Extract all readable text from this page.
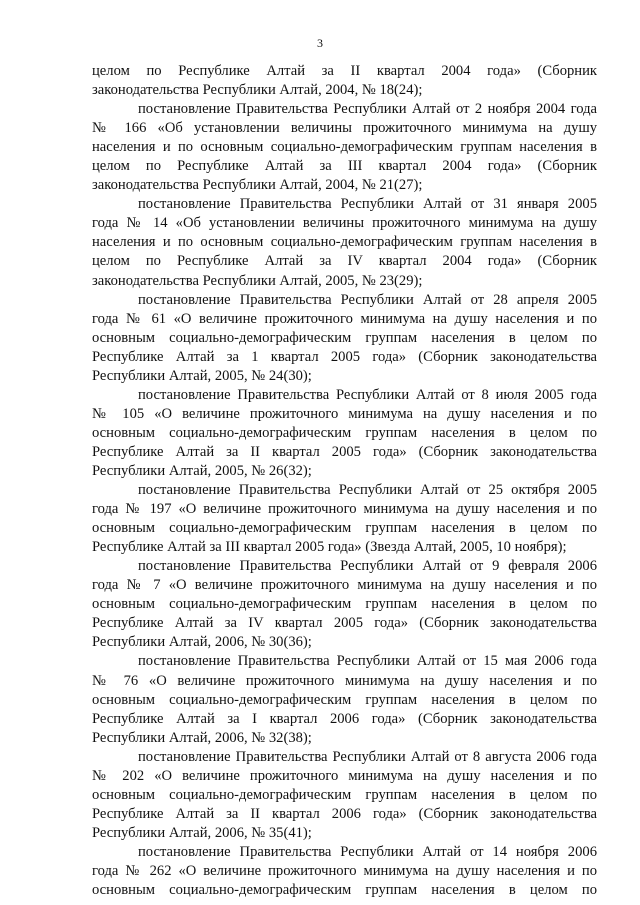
3
целом по Республике Алтай за II квартал 2004 года» (Сборник
законодательства Республики Алтай, 2004, № 18(24);
постановление Правительства Республики Алтай от 2 ноября 2004 года
№ 166 «Об установлении величины прожиточного минимума на душу
населения и по основным социально-демографическим группам населения в
целом по Республике Алтай за III квартал 2004 года» (Сборник
законодательства Республики Алтай, 2004, № 21(27);
постановление Правительства Республики Алтай от 31 января 2005
года № 14 «Об установлении величины прожиточного минимума на душу
населения и по основным социально-демографическим группам населения в
целом по Республике Алтай за IV квартал 2004 года» (Сборник
законодательства Республики Алтай, 2005, № 23(29);
постановление Правительства Республики Алтай от 28 апреля 2005
года № 61 «О величине прожиточного минимума на душу населения и по
основным социально-демографическим группам населения в целом по
Республике Алтай за 1 квартал 2005 года» (Сборник законодательства
Республики Алтай, 2005, № 24(30);
постановление Правительства Республики Алтай от 8 июля 2005 года
№ 105 «О величине прожиточного минимума на душу населения и по
основным социально-демографическим группам населения в целом по
Республике Алтай за II квартал 2005 года» (Сборник законодательства
Республики Алтай, 2005, № 26(32);
постановление Правительства Республики Алтай от 25 октября 2005
года № 197 «О величине прожиточного минимума на душу населения и по
основным социально-демографическим группам населения в целом по
Республике Алтай за III квартал 2005 года» (Звезда Алтай, 2005, 10 ноября);
постановление Правительства Республики Алтай от 9 февраля 2006
года № 7 «О величине прожиточного минимума на душу населения и по
основным социально-демографическим группам населения в целом по
Республике Алтай за IV квартал 2005 года» (Сборник законодательства
Республики Алтай, 2006, № 30(36);
постановление Правительства Республики Алтай от 15 мая 2006 года
№ 76 «О величине прожиточного минимума на душу населения и по
основным социально-демографическим группам населения в целом по
Республике Алтай за I квартал 2006 года» (Сборник законодательства
Республики Алтай, 2006, № 32(38);
постановление Правительства Республики Алтай от 8 августа 2006 года
№ 202 «О величине прожиточного минимума на душу населения и по
основным социально-демографическим группам населения в целом по
Республике Алтай за II квартал 2006 года» (Сборник законодательства
Республики Алтай, 2006, № 35(41);
постановление Правительства Республики Алтай от 14 ноября 2006
года № 262 «О величине прожиточного минимума на душу населения и по
основным социально-демографическим группам населения в целом по
